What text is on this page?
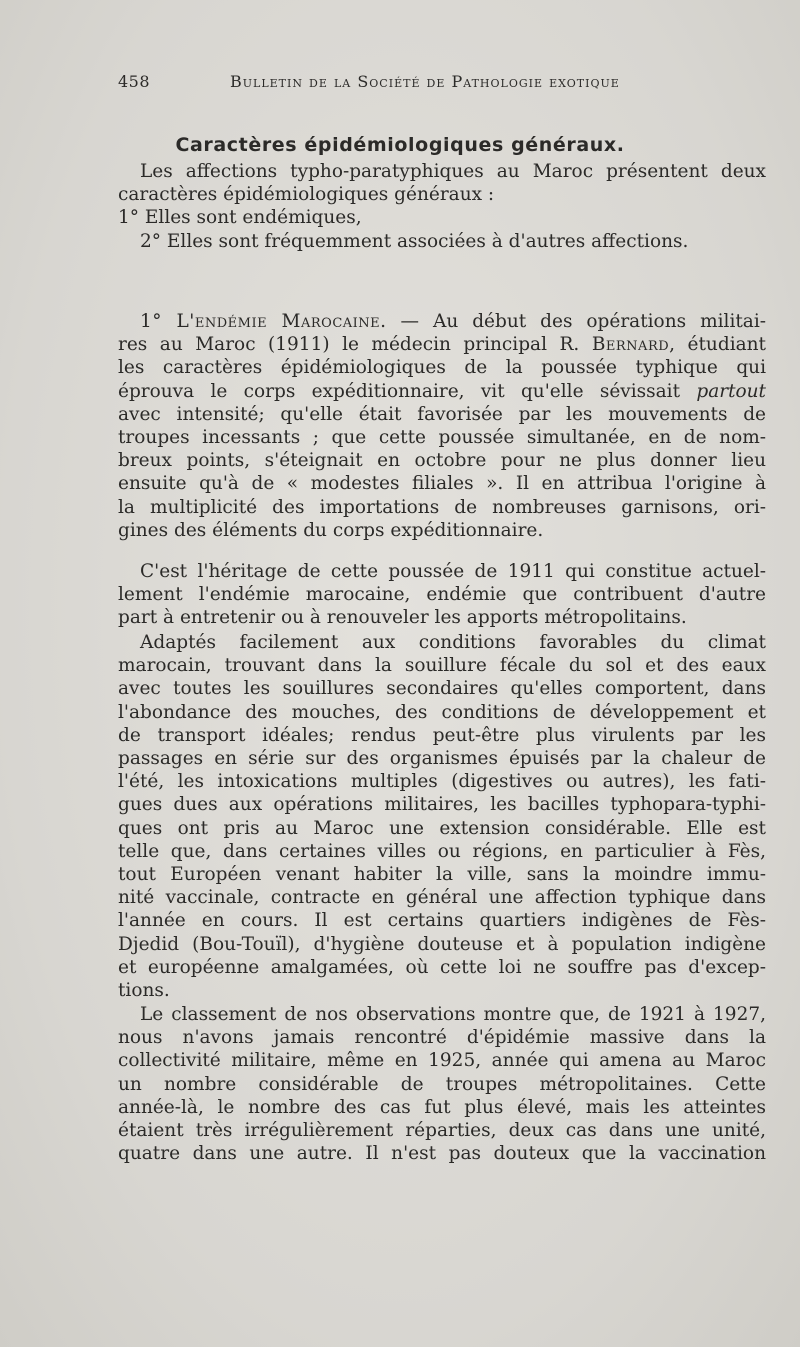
458	Bulletin de la Société de Pathologie exotique
Caractères épidémiologiques généraux.
Les affections typho-paratyphiques au Maroc présentent deux
caractères épidémiologiques généraux :
1° Elles sont endémiques,
2° Elles sont fréquemment associées à d'autres affections.
1° L'endémie Marocaine. — Au début des opérations militai-
res au Maroc (1911) le médecin principal R. Bernard, étudiant
les caractères épidémiologiques de la poussée typhique qui
éprouva le corps expéditionnaire, vit qu'elle sévissait partout
avec intensité; qu'elle était favorisée par les mouvements de
troupes incessants ; que cette poussée simultanée, en de nom-
breux points, s'éteignait en octobre pour ne plus donner lieu
ensuite qu'à de « modestes filiales ». Il en attribua l'origine à
la multiplicité des importations de nombreuses garnisons, ori-
gines des éléments du corps expéditionnaire.
C'est l'héritage de cette poussée de 1911 qui constitue actuel-
lement l'endémie marocaine, endémie que contribuent d'autre
part à entretenir ou à renouveler les apports métropolitains.
Adaptés facilement aux conditions favorables du climat
marocain, trouvant dans la souillure fécale du sol et des eaux
avec toutes les souillures secondaires qu'elles comportent, dans
l'abondance des mouches, des conditions de développement et
de transport idéales; rendus peut-être plus virulents par les
passages en série sur des organismes épuisés par la chaleur de
l'été, les intoxications multiples (digestives ou autres), les fati-
gues dues aux opérations militaires, les bacilles typhopara-typhi-
ques ont pris au Maroc une extension considérable. Elle est
telle que, dans certaines villes ou régions, en particulier à Fès,
tout Européen venant habiter la ville, sans la moindre immu-
nité vaccinale, contracte en général une affection typhique dans
l'année en cours. Il est certains quartiers indigènes de Fès-
Djedid (Bou-Touïl), d'hygiène douteuse et à population indigène
et européenne amalgamées, où cette loi ne souffre pas d'excep-
tions.
Le classement de nos observations montre que, de 1921 à 1927,
nous n'avons jamais rencontré d'épidémie massive dans la
collectivité militaire, même en 1925, année qui amena au Maroc
un nombre considérable de troupes métropolitaines. Cette
année-là, le nombre des cas fut plus élevé, mais les atteintes
étaient très irrégulièrement réparties, deux cas dans une unité,
quatre dans une autre. Il n'est pas douteux que la vaccination
